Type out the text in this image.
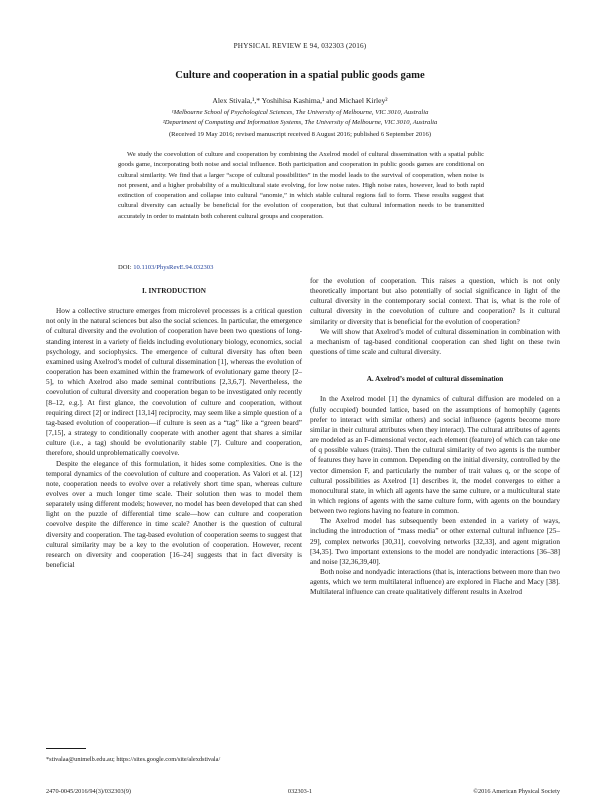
PHYSICAL REVIEW E 94, 032303 (2016)
Culture and cooperation in a spatial public goods game
Alex Stivala,¹,* Yoshihisa Kashima,¹ and Michael Kirley²
¹Melbourne School of Psychological Sciences, The University of Melbourne, VIC 3010, Australia
²Department of Computing and Information Systems, The University of Melbourne, VIC 3010, Australia
(Received 19 May 2016; revised manuscript received 8 August 2016; published 6 September 2016)

We study the coevolution of culture and cooperation by combining the Axelrod model of cultural dissemination with a spatial public goods game, incorporating both noise and social influence. Both participation and cooperation in public goods games are conditional on cultural similarity. We find that a larger “scope of cultural possibilities” in the model leads to the survival of cooperation, when noise is not present, and a higher probability of a multicultural state evolving, for low noise rates. High noise rates, however, lead to both rapid extinction of cooperation and collapse into cultural “anomie,” in which stable cultural regions fail to form. These results suggest that cultural diversity can actually be beneficial for the evolution of cooperation, but that cultural information needs to be transmitted accurately in order to maintain both coherent cultural groups and cooperation.

DOI: 10.1103/PhysRevE.94.032303
I. INTRODUCTION

How a collective structure emerges from microlevel processes is a critical question not only in the natural sciences but also the social sciences. In particular, the emergence of cultural diversity and the evolution of cooperation have been two questions of long-standing interest in a variety of fields including evolutionary biology, economics, social psychology, and sociophysics. The emergence of cultural diversity has often been examined using Axelrod’s model of cultural dissemination [1], whereas the evolution of cooperation has been examined within the framework of evolutionary game theory [2–5], to which Axelrod also made seminal contributions [2,3,6,7]. Nevertheless, the coevolution of cultural diversity and cooperation began to be investigated only recently [8–12, e.g.]. At first glance, the coevolution of culture and cooperation, without requiring direct [2] or indirect [13,14] reciprocity, may seem like a simple question of a tag-based evolution of cooperation—if culture is seen as a “tag” like a “green beard” [7,15], a strategy to conditionally cooperate with another agent that shares a similar culture (i.e., a tag) should be evolutionarily stable [7]. Culture and cooperation, therefore, should unproblematically coevolve.

Despite the elegance of this formulation, it hides some complexities. One is the temporal dynamics of the coevolution of culture and cooperation. As Valori et al. [12] note, cooperation needs to evolve over a relatively short time span, whereas culture evolves over a much longer time scale. Their solution then was to model them separately using different models; however, no model has been developed that can shed light on the puzzle of differential time scale—how can culture and cooperation coevolve despite the difference in time scale? Another is the question of cultural diversity and cooperation. The tag-based evolution of cooperation seems to suggest that cultural similarity may be a key to the evolution of cooperation. However, recent research on diversity and cooperation [16–24] suggests that in fact diversity is beneficial

for the evolution of cooperation. This raises a question, which is not only theoretically important but also potentially of social significance in light of the cultural diversity in the contemporary social context. That is, what is the role of cultural diversity in the coevolution of culture and cooperation? Is it cultural similarity or diversity that is beneficial for the evolution of cooperation?

We will show that Axelrod’s model of cultural dissemination in combination with a mechanism of tag-based conditional cooperation can shed light on these twin questions of time scale and cultural diversity.

A. Axelrod’s model of cultural dissemination

In the Axelrod model [1] the dynamics of cultural diffusion are modeled on a (fully occupied) bounded lattice, based on the assumptions of homophily (agents prefer to interact with similar others) and social influence (agents become more similar in their cultural attributes when they interact). The cultural attributes of agents are modeled as an F-dimensional vector, each element (feature) of which can take one of q possible values (traits). Then the cultural similarity of two agents is the number of features they have in common. Depending on the initial diversity, controlled by the vector dimension F, and particularly the number of trait values q, or the scope of cultural possibilities as Axelrod [1] describes it, the model converges to either a monocultural state, in which all agents have the same culture, or a multicultural state in which regions of agents with the same culture form, with agents on the boundary between two regions having no feature in common.

The Axelrod model has subsequently been extended in a variety of ways, including the introduction of “mass media” or other external cultural influence [25–29], complex networks [30,31], coevolving networks [32,33], and agent migration [34,35]. Two important extensions to the model are nondyadic interactions [36–38] and noise [32,36,39,40].

Both noise and nondyadic interactions (that is, interactions between more than two agents, which we term multilateral influence) are explored in Flache and Macy [38]. Multilateral influence can create qualitatively different results in Axelrod

*stivalaa@unimelb.edu.au; https://sites.google.com/site/alexdstivala/
2470-0045/2016/94(3)/032303(9)	032303-1	©2016 American Physical Society
